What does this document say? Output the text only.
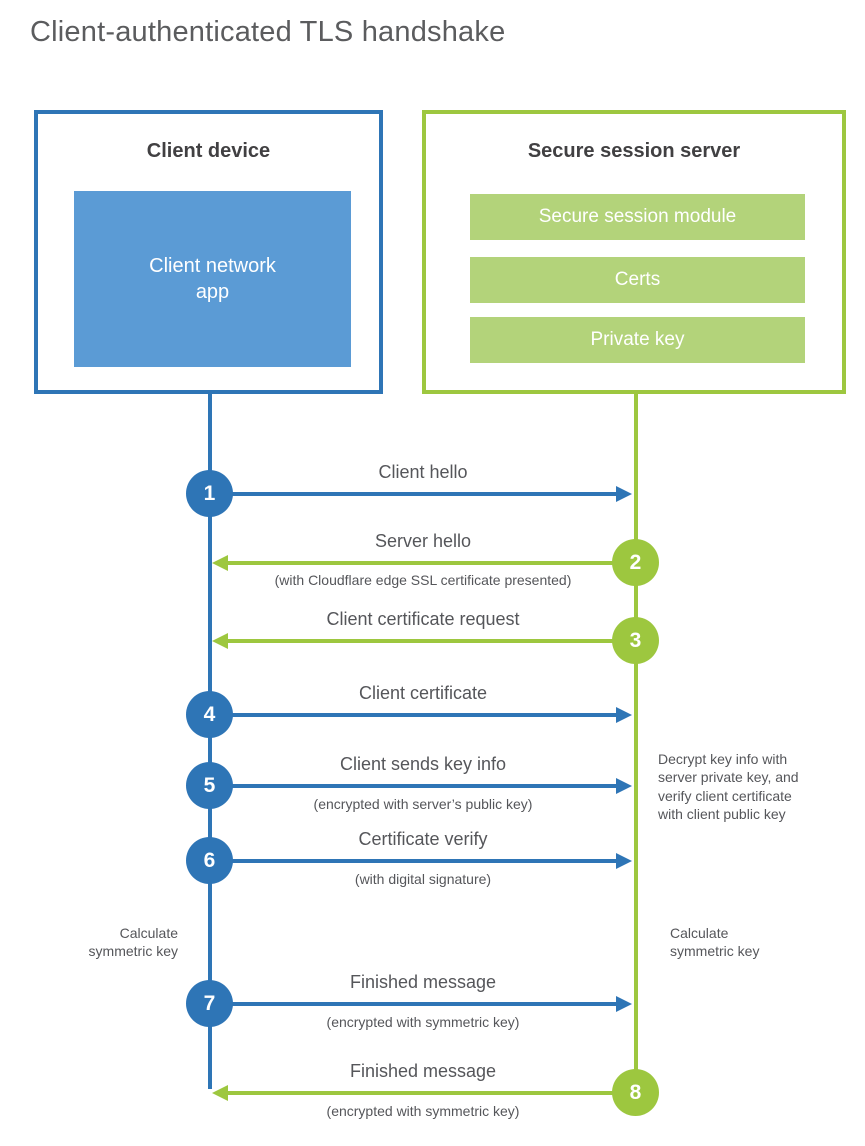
Client-authenticated TLS handshake
Client device
Client network
app
Secure session server
Secure session module
Certs
Private key
Client hello
1
Server hello
(with Cloudflare edge SSL certificate presented)
2
Client certificate request
3
Client certificate
4
Client sends key info
(encrypted with server’s public key)
5
Certificate verify
(with digital signature)
6
Calculate symmetric key
Decrypt key info with server private key, and verify client certificate with client public key
Calculate symmetric key
Finished message
(encrypted with symmetric key)
7
Finished message
(encrypted with symmetric key)
8
